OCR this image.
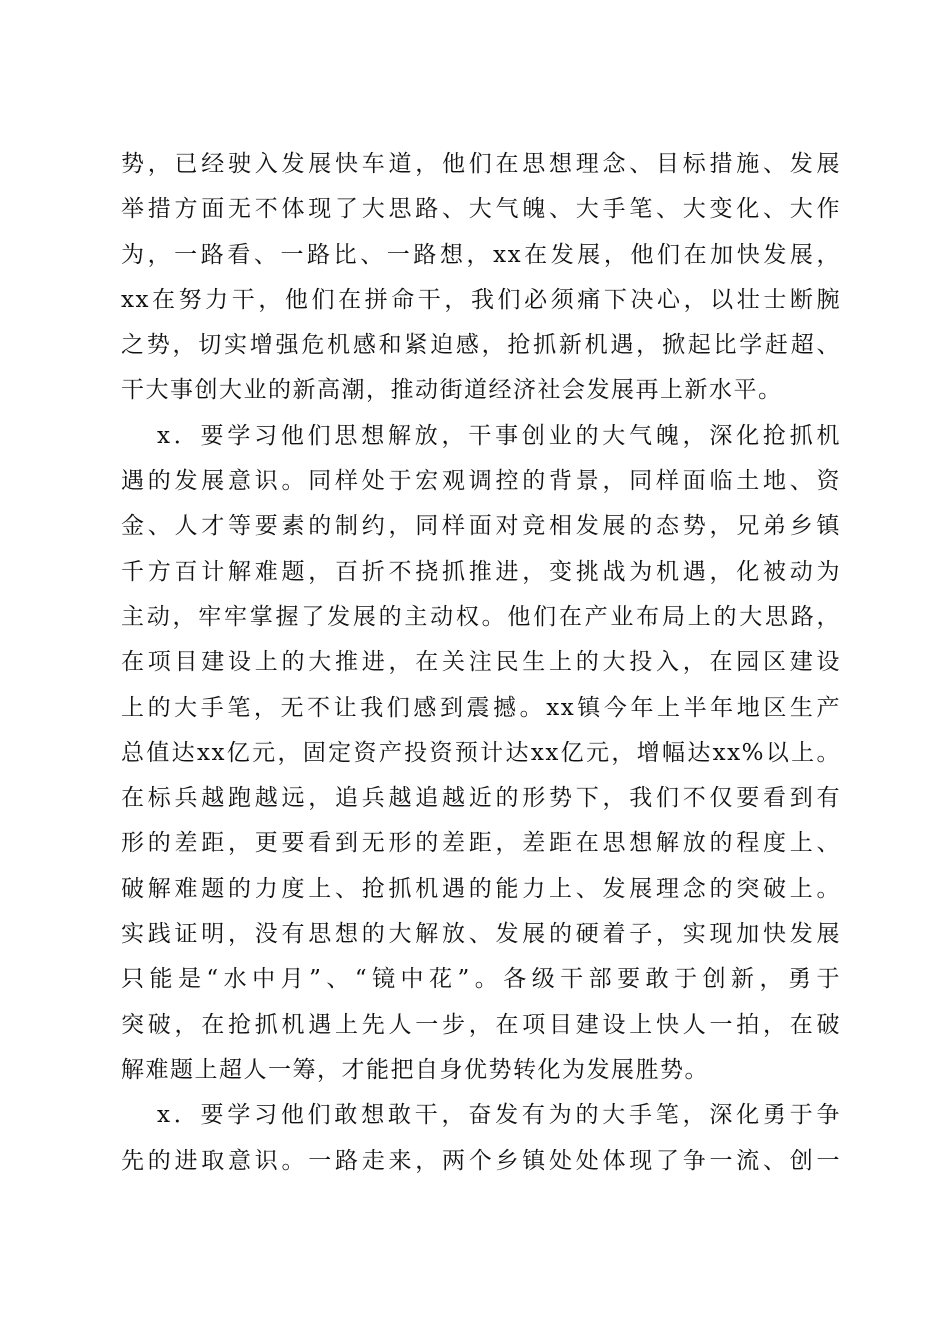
势，已经驶入发展快车道，他们在思想理念、目标措施、发展
举措方面无不体现了大思路、大气魄、大手笔、大变化、大作
为，一路看、一路比、一路想，xx在发展，他们在加快发展，
xx在努力干，他们在拼命干，我们必须痛下决心，以壮士断腕
之势，切实增强危机感和紧迫感，抢抓新机遇，掀起比学赶超、
干大事创大业的新高潮，推动街道经济社会发展再上新水平。
x．要学习他们思想解放，干事创业的大气魄，深化抢抓机
遇的发展意识。同样处于宏观调控的背景，同样面临土地、资
金、人才等要素的制约，同样面对竞相发展的态势，兄弟乡镇
千方百计解难题，百折不挠抓推进，变挑战为机遇，化被动为
主动，牢牢掌握了发展的主动权。他们在产业布局上的大思路，
在项目建设上的大推进，在关注民生上的大投入，在园区建设
上的大手笔，无不让我们感到震撼。xx镇今年上半年地区生产
总值达xx亿元，固定资产投资预计达xx亿元，增幅达xx%以上。
在标兵越跑越远，追兵越追越近的形势下，我们不仅要看到有
形的差距，更要看到无形的差距，差距在思想解放的程度上、
破解难题的力度上、抢抓机遇的能力上、发展理念的突破上。
实践证明，没有思想的大解放、发展的硬着子，实现加快发展
只能是“水中月”、“镜中花”。各级干部要敢于创新，勇于
突破，在抢抓机遇上先人一步，在项目建设上快人一拍，在破
解难题上超人一筹，才能把自身优势转化为发展胜势。
x．要学习他们敢想敢干，奋发有为的大手笔，深化勇于争
先的进取意识。一路走来，两个乡镇处处体现了争一流、创一
